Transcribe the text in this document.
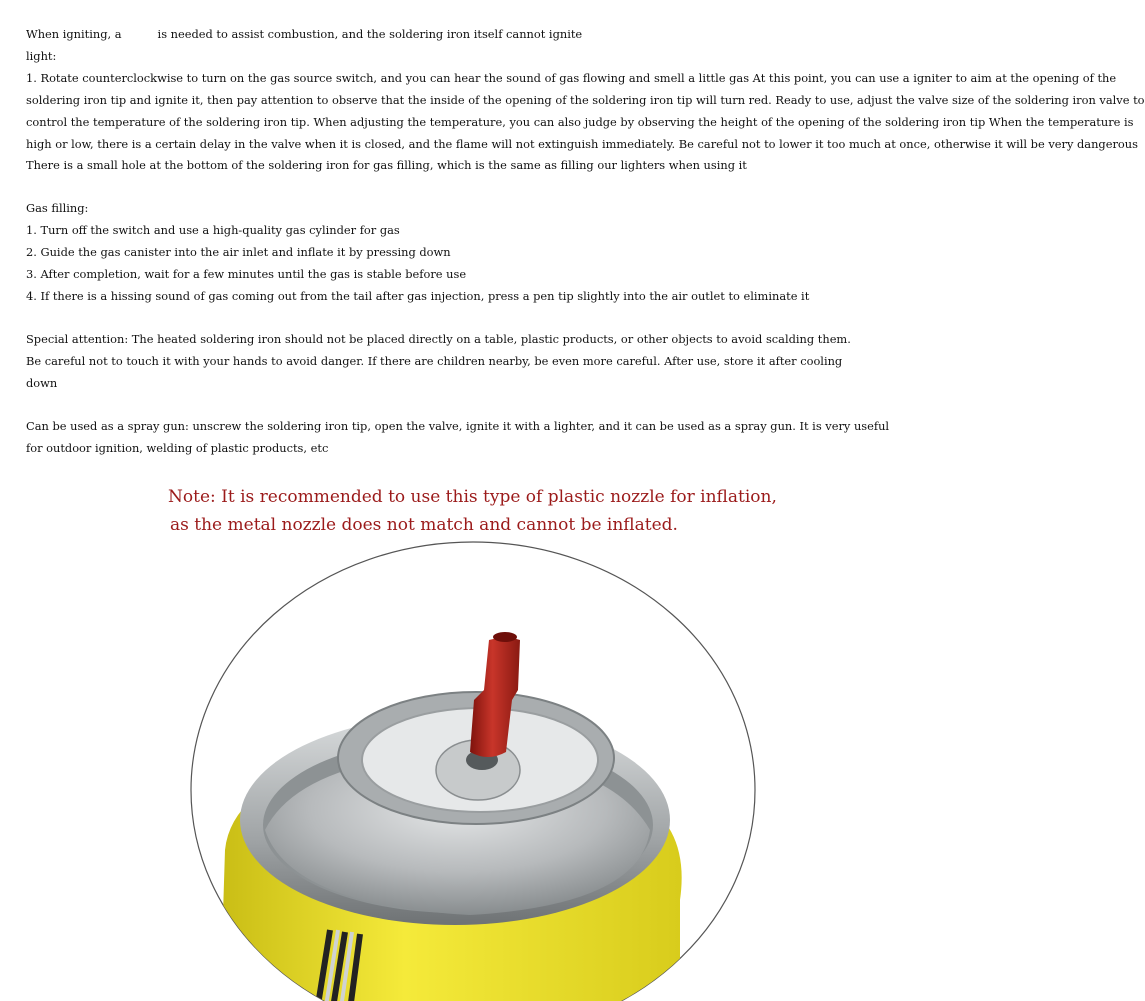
When igniting, a	is needed to assist combustion, and the soldering iron itself cannot ignite
light:
1. Rotate counterclockwise to turn on the gas source switch, and you can hear the sound of gas flowing and smell a little gas At this point, you can use a igniter to aim at the opening of the
soldering iron tip and ignite it, then pay attention to observe that the inside of the opening of the soldering iron tip will turn red. Ready to use, adjust the valve size of the soldering iron valve to
control the temperature of the soldering iron tip. When adjusting the temperature, you can also judge by observing the height of the opening of the soldering iron tip When the temperature is
high or low, there is a certain delay in the valve when it is closed, and the flame will not extinguish immediately. Be careful not to lower it too much at once, otherwise it will be very dangerous
There is a small hole at the bottom of the soldering iron for gas filling, which is the same as filling our lighters when using it
Gas filling:
1. Turn off the switch and use a high-quality gas cylinder for gas
2. Guide the gas canister into the air inlet and inflate it by pressing down
3. After completion, wait for a few minutes until the gas is stable before use
4. If there is a hissing sound of gas coming out from the tail after gas injection, press a pen tip slightly into the air outlet to eliminate it
Special attention: The heated soldering iron should not be placed directly on a table, plastic products, or other objects to avoid scalding them.
Be careful not to touch it with your hands to avoid danger. If there are children nearby, be even more careful. After use, store it after cooling
down
Can be used as a spray gun: unscrew the soldering iron tip, open the valve, ignite it with a lighter, and it can be used as a spray gun. It is very useful
for outdoor ignition, welding of plastic products, etc
Note: It is recommended to use this type of plastic nozzle for inflation,
as the metal nozzle does not match and cannot be inflated.
